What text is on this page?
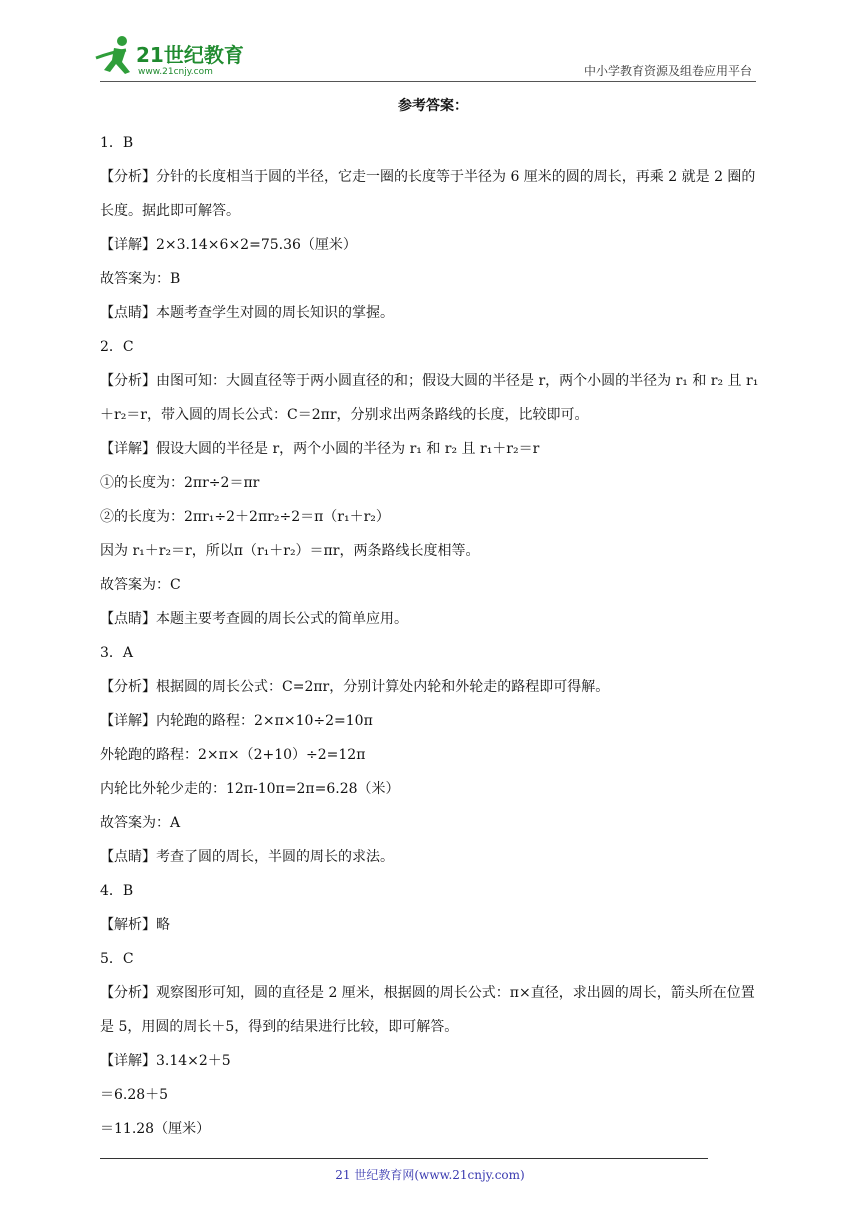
21世纪教育
www.21cnjy.com	中小学教育资源及组卷应用平台
参考答案：
1．B
【分析】分针的长度相当于圆的半径，它走一圈的长度等于半径为 6 厘米的圆的周长，再乘 2 就是 2 圈的长度。据此即可解答。
【详解】2×3.14×6×2=75.36（厘米）
故答案为：B
【点睛】本题考查学生对圆的周长知识的掌握。
2．C
【分析】由图可知：大圆直径等于两小圆直径的和；假设大圆的半径是 r，两个小圆的半径为 r₁ 和 r₂ 且 r₁＋r₂＝r，带入圆的周长公式：C＝2πr，分别求出两条路线的长度，比较即可。
【详解】假设大圆的半径是 r，两个小圆的半径为 r₁ 和 r₂ 且 r₁＋r₂＝r
①的长度为：2πr÷2＝πr
②的长度为：2πr₁÷2＋2πr₂÷2＝π（r₁＋r₂）
因为 r₁＋r₂＝r，所以π（r₁＋r₂）＝πr，两条路线长度相等。
故答案为：C
【点睛】本题主要考查圆的周长公式的简单应用。
3．A
【分析】根据圆的周长公式：C=2πr，分别计算处内轮和外轮走的路程即可得解。
【详解】内轮跑的路程：2×π×10÷2=10π
外轮跑的路程：2×π×（2+10）÷2=12π
内轮比外轮少走的：12π-10π=2π=6.28（米）
故答案为：A
【点睛】考查了圆的周长，半圆的周长的求法。
4．B
【解析】略
5．C
【分析】观察图形可知，圆的直径是 2 厘米，根据圆的周长公式：π×直径，求出圆的周长，箭头所在位置是 5，用圆的周长＋5，得到的结果进行比较，即可解答。
【详解】3.14×2＋5
＝6.28＋5
＝11.28（厘米）
21 世纪教育网(www.21cnjy.com)
